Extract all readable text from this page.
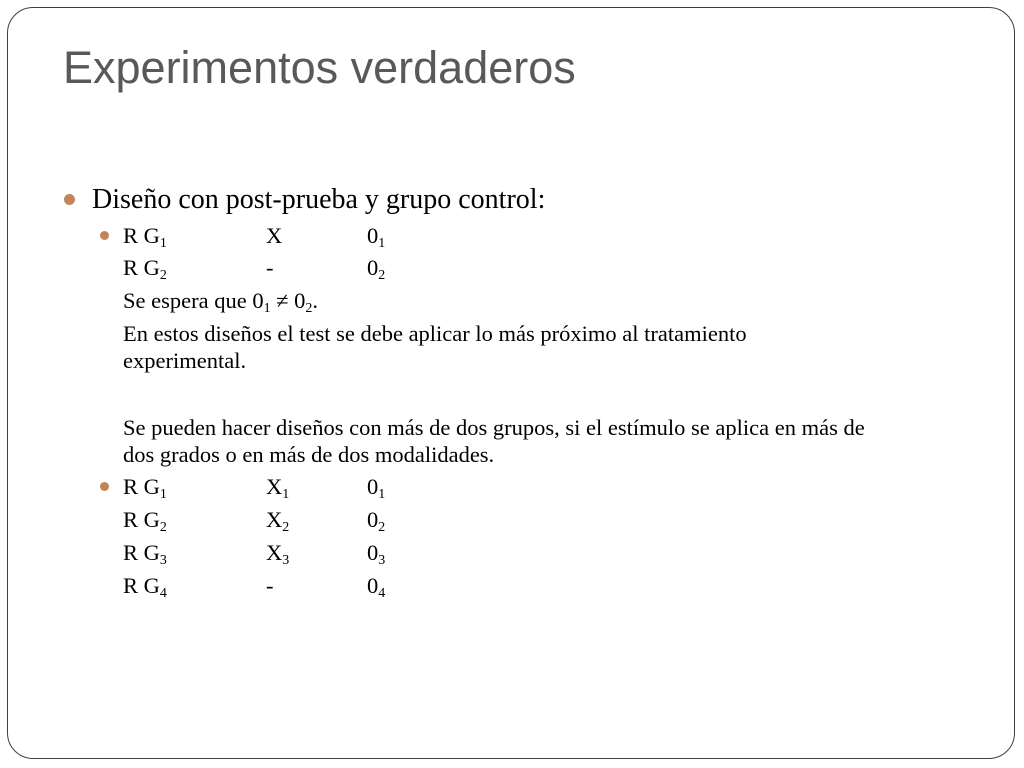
Experimentos verdaderos
Diseño con post-prueba y grupo control:
R $G_1$	X	$0_1$
R $G_2$	-	$0_2$
Se espera que $0_1 \ne 0_2$.
En estos diseños el test se debe aplicar lo más próximo al tratamiento
experimental.
Se pueden hacer diseños con más de dos grupos, si el estímulo se aplica en más de
dos grados o en más de dos modalidades.
R $G_1$	$X_1$	$0_1$
R $G_2$	$X_2$	$0_2$
R $G_3$	$X_3$	$0_3$
R $G_4$	-	$0_4$
